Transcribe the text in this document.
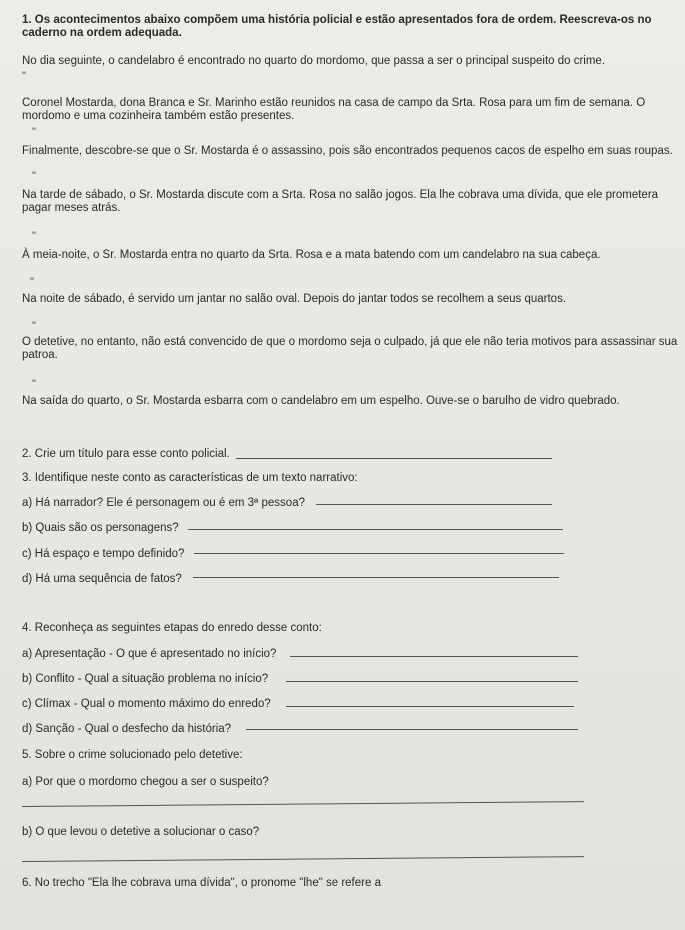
1. Os acontecimentos abaixo compõem uma história policial e estão apresentados fora de ordem. Reescreva-os no
caderno na ordem adequada.
No dia seguinte, o candelabro é encontrado no quarto do mordomo, que passa a ser o principal suspeito do crime.
"
Coronel Mostarda, dona Branca e Sr. Marinho estão reunidos na casa de campo da Srta. Rosa para um fim de semana. O
mordomo e uma cozinheira também estão presentes.
"
Finalmente, descobre-se que o Sr. Mostarda é o assassino, pois são encontrados pequenos cacos de espelho em suas roupas.
"
Na tarde de sábado, o Sr. Mostarda discute com a Srta. Rosa no salão jogos. Ela lhe cobrava uma dívida, que ele prometera
pagar meses atrás.
"
À meia-noite, o Sr. Mostarda entra no quarto da Srta. Rosa e a mata batendo com um candelabro na sua cabeça.
"
Na noite de sábado, é servido um jantar no salão oval. Depois do jantar todos se recolhem a seus quartos.
"
O detetive, no entanto, não está convencido de que o mordomo seja o culpado, já que ele não teria motivos para assassinar sua
patroa.
"
Na saída do quarto, o Sr. Mostarda esbarra com o candelabro em um espelho. Ouve-se o barulho de vidro quebrado.
2. Crie um título para esse conto policial.
3. Identifique neste conto as características de um texto narrativo:
a) Há narrador? Ele é personagem ou é em 3ª pessoa?
b) Quais são os personagens?
c) Há espaço e tempo definido?
d) Há uma sequência de fatos?
4. Reconheça as seguintes etapas do enredo desse conto:
a) Apresentação - O que é apresentado no início?
b) Conflito - Qual a situação problema no início?
c) Clímax - Qual o momento máximo do enredo?
d) Sanção - Qual o desfecho da história?
5. Sobre o crime solucionado pelo detetive:
a) Por que o mordomo chegou a ser o suspeito?
b) O que levou o detetive a solucionar o caso?
6. No trecho "Ela lhe cobrava uma dívida", o pronome "lhe" se refere a
